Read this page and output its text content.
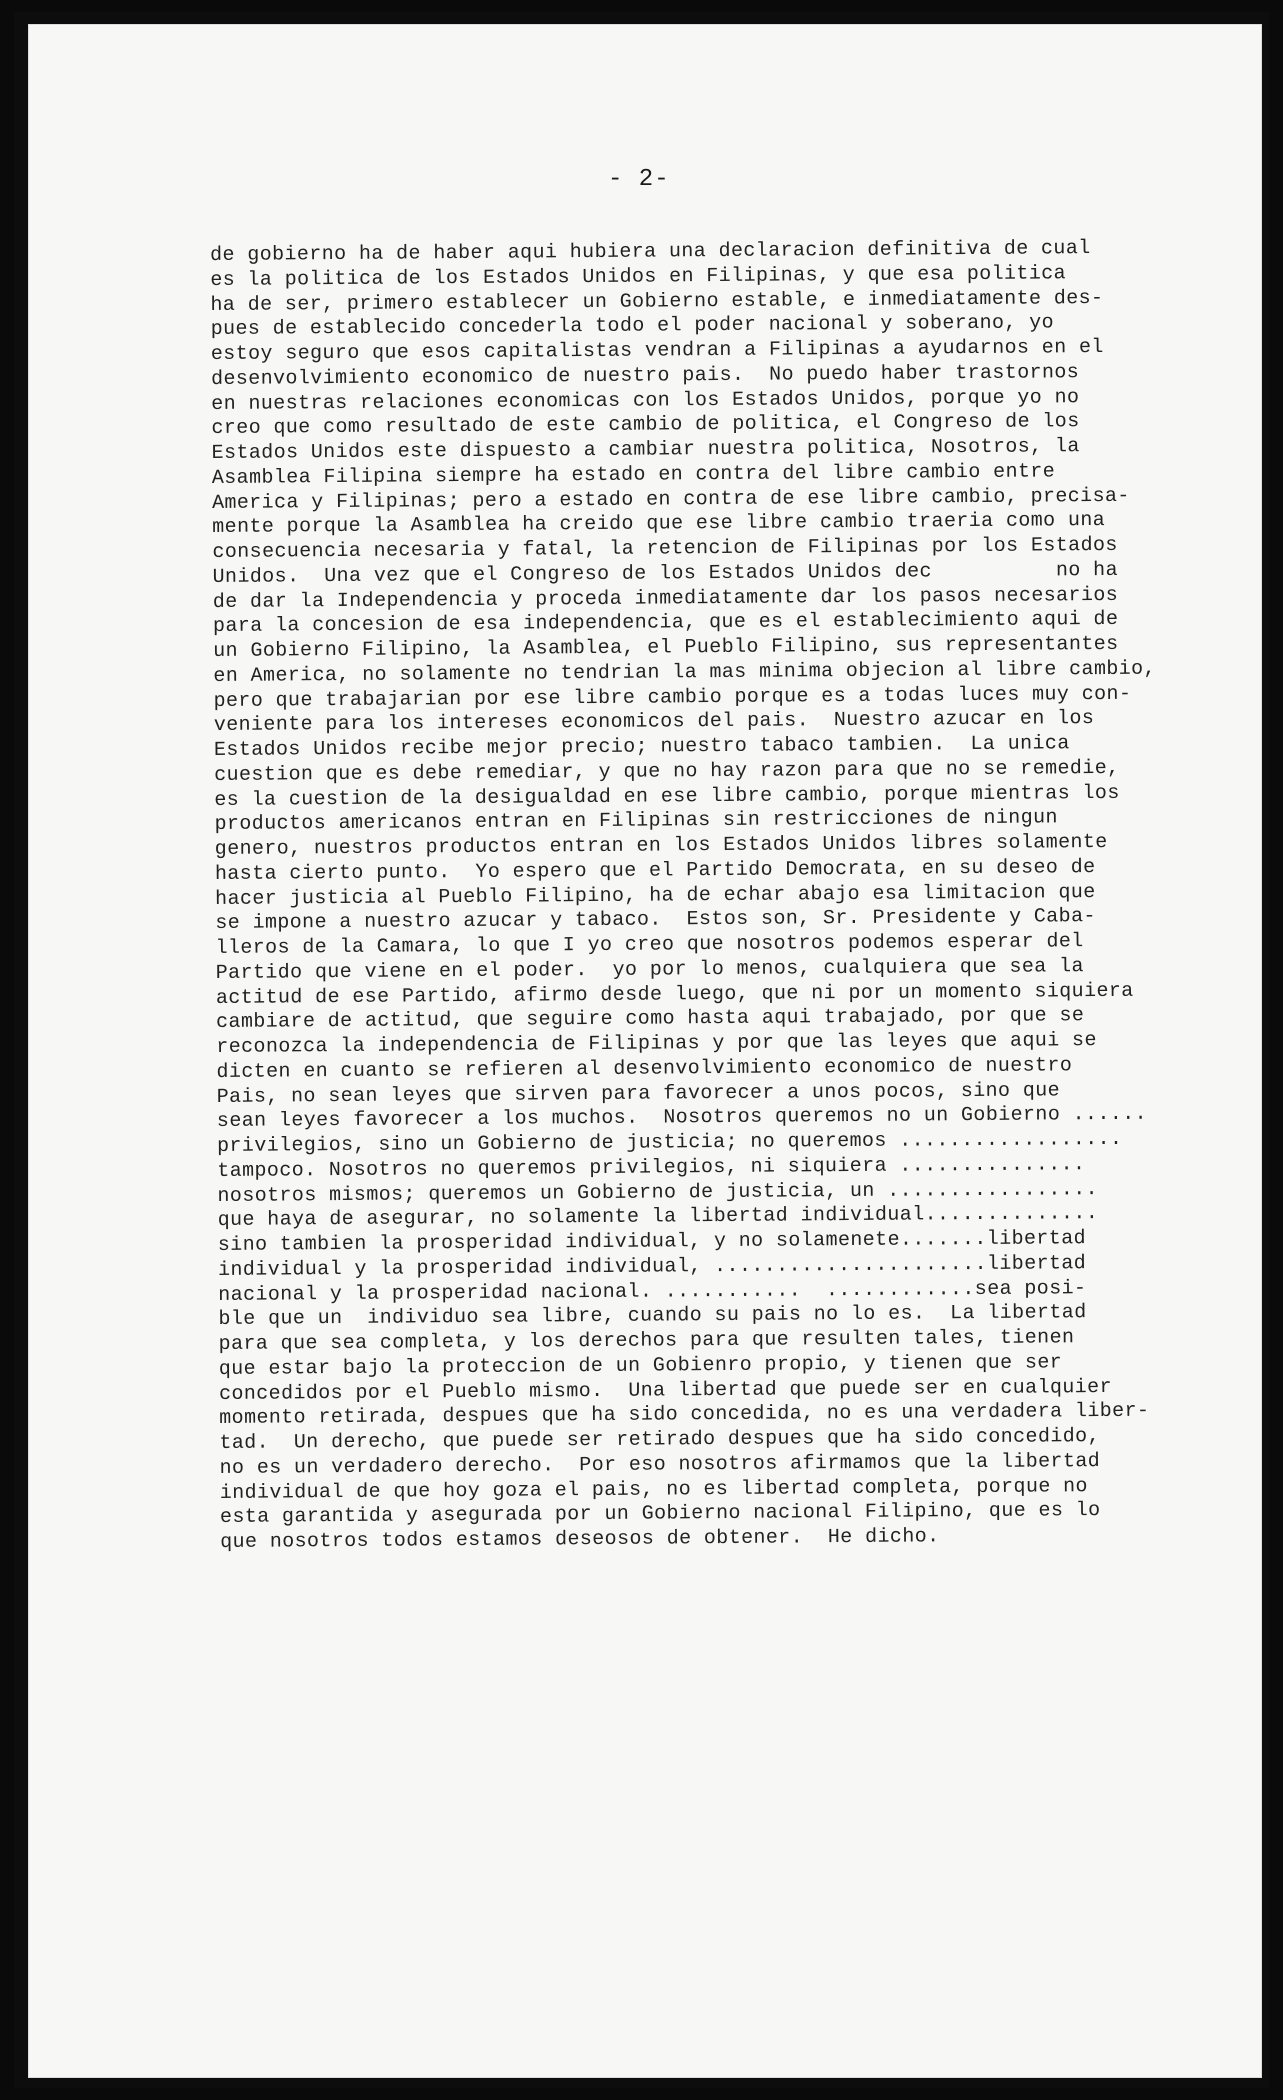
- 2-
de gobierno ha de haber aqui hubiera una declaracion definitiva de cual
es la politica de los Estados Unidos en Filipinas, y que esa politica
ha de ser, primero establecer un Gobierno estable, e inmediatamente des-
pues de establecido concederla todo el poder nacional y soberano, yo
estoy seguro que esos capitalistas vendran a Filipinas a ayudarnos en el
desenvolvimiento economico de nuestro pais.  No puedo haber trastornos
en nuestras relaciones economicas con los Estados Unidos, porque yo no
creo que como resultado de este cambio de politica, el Congreso de los
Estados Unidos este dispuesto a cambiar nuestra politica, Nosotros, la
Asamblea Filipina siempre ha estado en contra del libre cambio entre
America y Filipinas; pero a estado en contra de ese libre cambio, precisa-
mente porque la Asamblea ha creido que ese libre cambio traeria como una
consecuencia necesaria y fatal, la retencion de Filipinas por los Estados
Unidos.  Una vez que el Congreso de los Estados Unidos dec          no ha
de dar la Independencia y proceda inmediatamente dar los pasos necesarios
para la concesion de esa independencia, que es el establecimiento aqui de
un Gobierno Filipino, la Asamblea, el Pueblo Filipino, sus representantes
en America, no solamente no tendrian la mas minima objecion al libre cambio,
pero que trabajarian por ese libre cambio porque es a todas luces muy con-
veniente para los intereses economicos del pais.  Nuestro azucar en los
Estados Unidos recibe mejor precio; nuestro tabaco tambien.  La unica
cuestion que es debe remediar, y que no hay razon para que no se remedie,
es la cuestion de la desigualdad en ese libre cambio, porque mientras los
productos americanos entran en Filipinas sin restricciones de ningun
genero, nuestros productos entran en los Estados Unidos libres solamente
hasta cierto punto.  Yo espero que el Partido Democrata, en su deseo de
hacer justicia al Pueblo Filipino, ha de echar abajo esa limitacion que
se impone a nuestro azucar y tabaco.  Estos son, Sr. Presidente y Caba-
lleros de la Camara, lo que I yo creo que nosotros podemos esperar del
Partido que viene en el poder.  yo por lo menos, cualquiera que sea la
actitud de ese Partido, afirmo desde luego, que ni por un momento siquiera
cambiare de actitud, que seguire como hasta aqui trabajado, por que se
reconozca la independencia de Filipinas y por que las leyes que aqui se
dicten en cuanto se refieren al desenvolvimiento economico de nuestro
Pais, no sean leyes que sirven para favorecer a unos pocos, sino que
sean leyes favorecer a los muchos.  Nosotros queremos no un Gobierno ......
privilegios, sino un Gobierno de justicia; no queremos ..................
tampoco. Nosotros no queremos privilegios, ni siquiera ...............
nosotros mismos; queremos un Gobierno de justicia, un .................
que haya de asegurar, no solamente la libertad individual..............
sino tambien la prosperidad individual, y no solamenete.......libertad
individual y la prosperidad individual, ......................libertad
nacional y la prosperidad nacional. ...........  ............sea posi-
ble que un  individuo sea libre, cuando su pais no lo es.  La libertad
para que sea completa, y los derechos para que resulten tales, tienen
que estar bajo la proteccion de un Gobienro propio, y tienen que ser
concedidos por el Pueblo mismo.  Una libertad que puede ser en cualquier
momento retirada, despues que ha sido concedida, no es una verdadera liber-
tad.  Un derecho, que puede ser retirado despues que ha sido concedido,
no es un verdadero derecho.  Por eso nosotros afirmamos que la libertad
individual de que hoy goza el pais, no es libertad completa, porque no
esta garantida y asegurada por un Gobierno nacional Filipino, que es lo
que nosotros todos estamos deseosos de obtener.  He dicho.
